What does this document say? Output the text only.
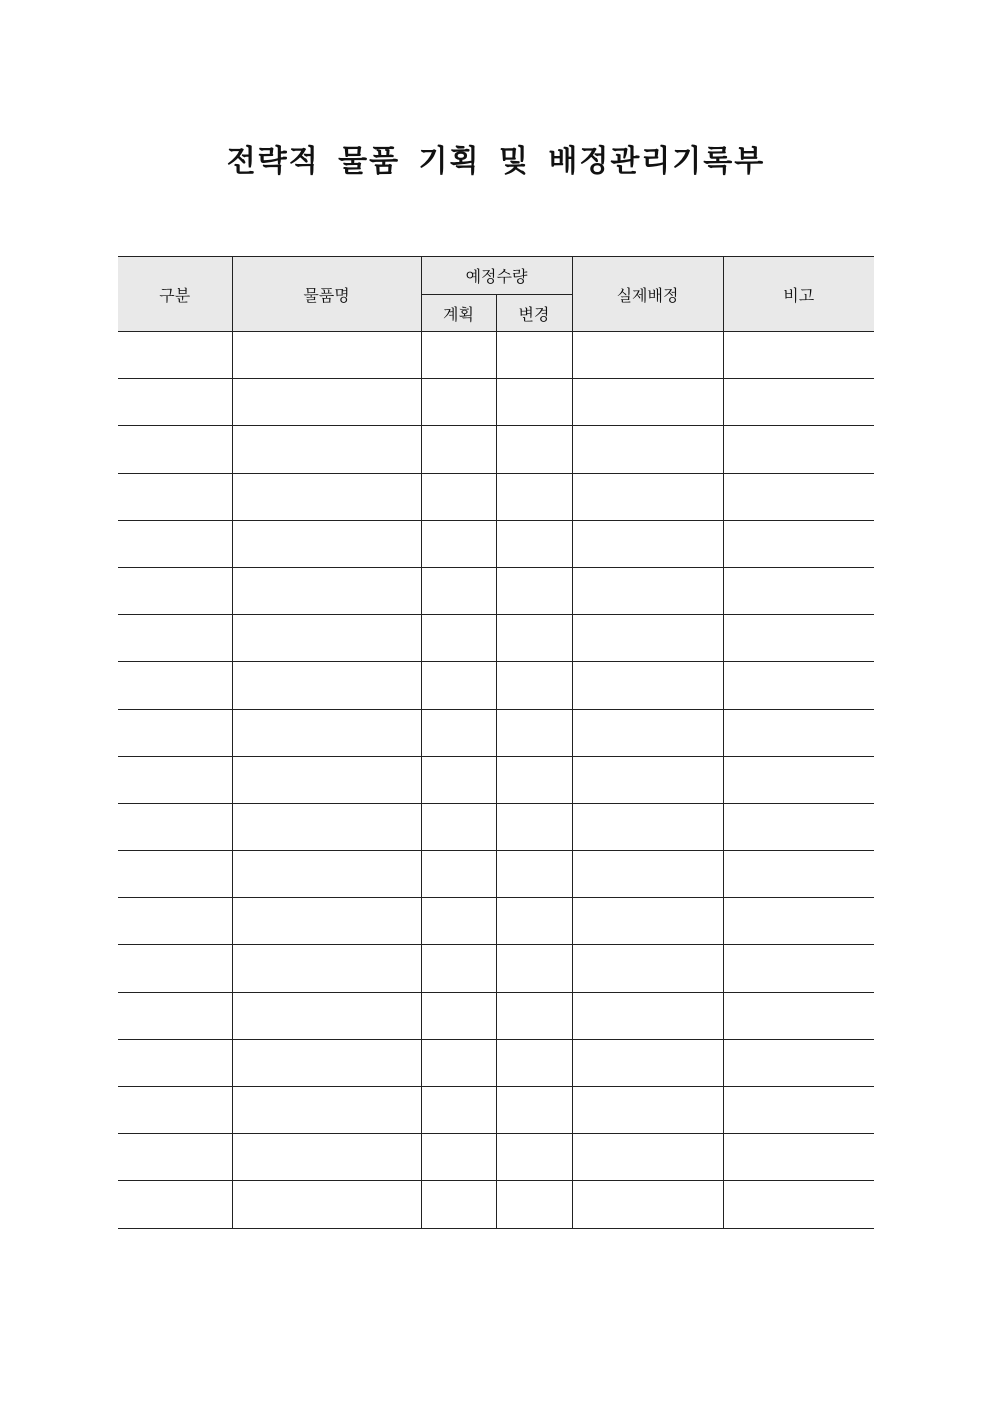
전략적 물품 기획 및 배정관리기록부
구분	물품명	예정수량		실제배정	비고
		계획	변경		
